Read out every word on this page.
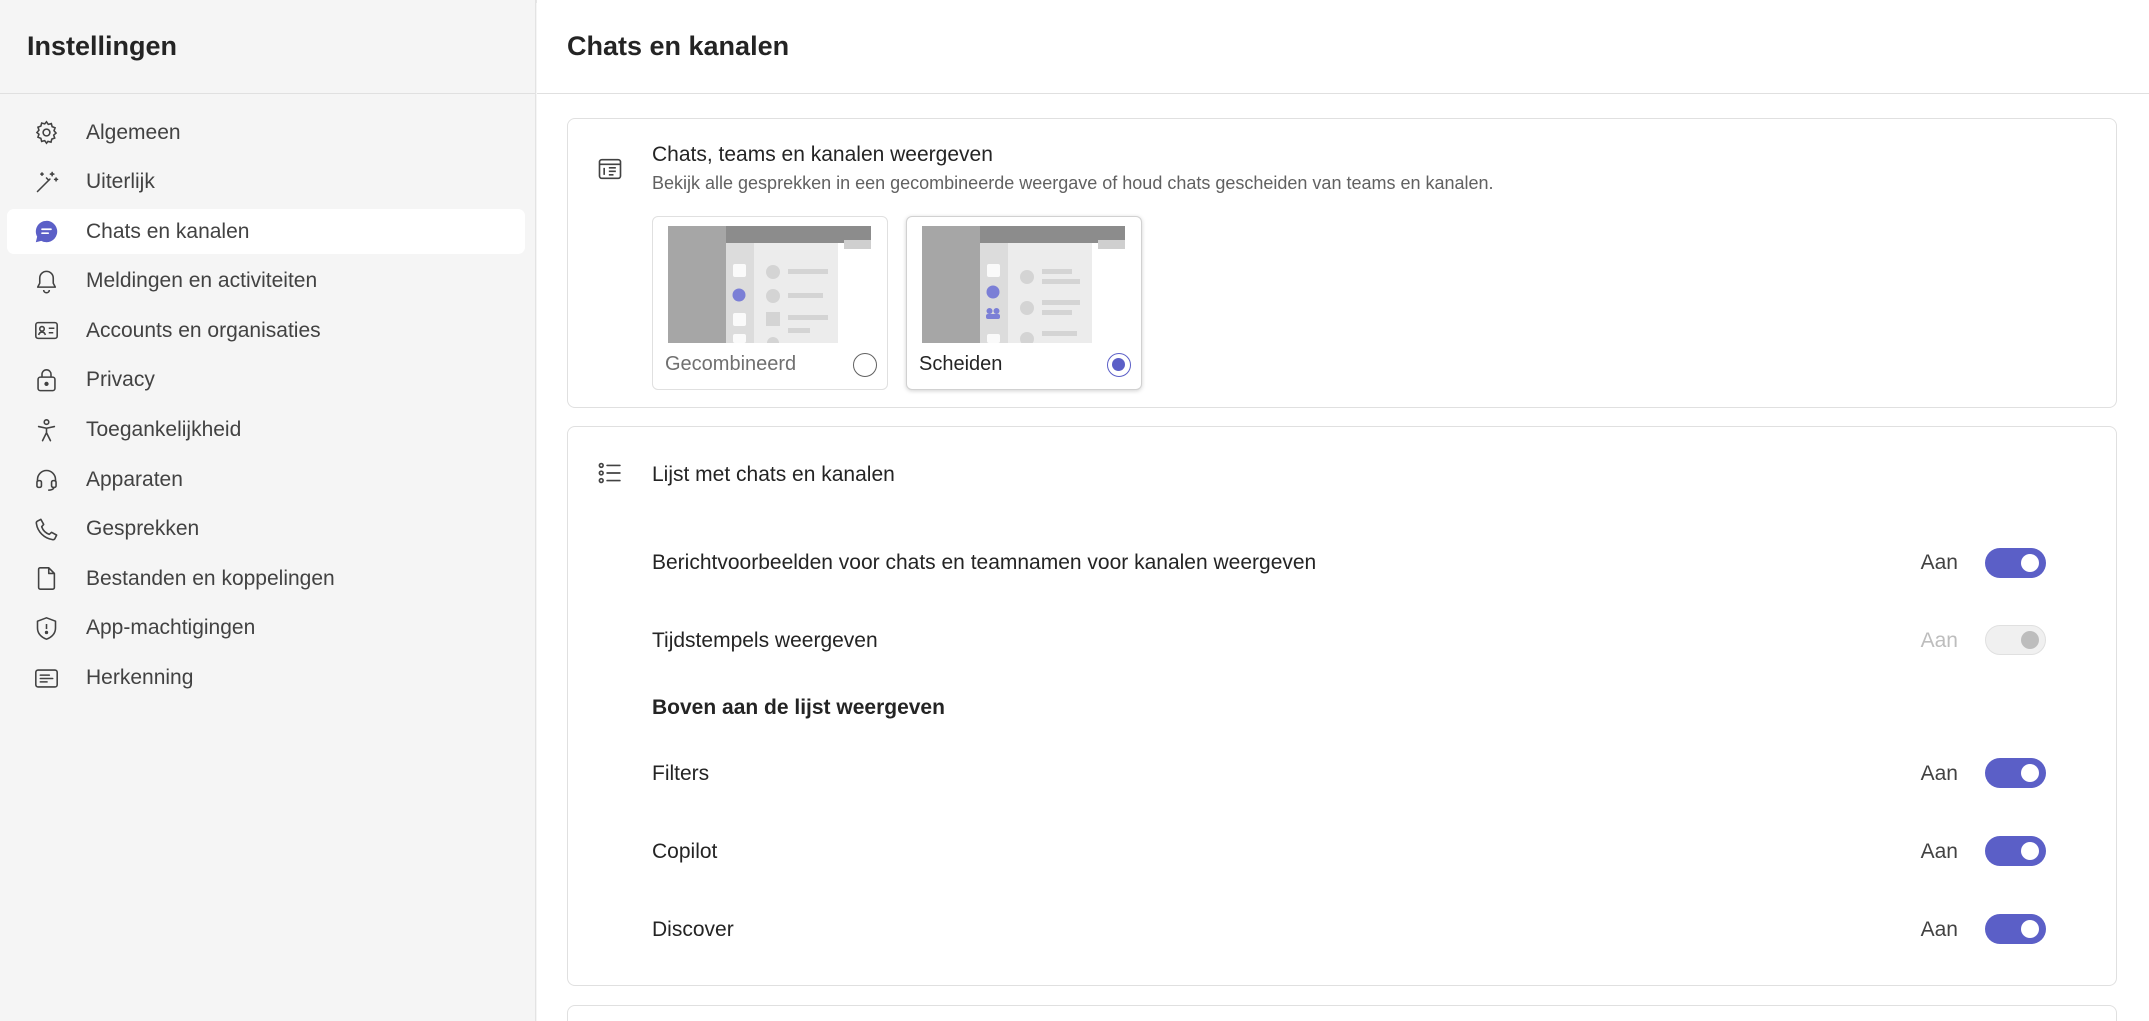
Instellingen
Algemeen
Uiterlijk
Chats en kanalen
Meldingen en activiteiten
Accounts en organisaties
Privacy
Toegankelijkheid
Apparaten
Gesprekken
Bestanden en koppelingen
App-machtigingen
Herkenning
Chats en kanalen
Chats, teams en kanalen weergeven
Bekijk alle gesprekken in een gecombineerde weergave of houd chats gescheiden van teams en kanalen.
Gecombineerd	Scheiden
Lijst met chats en kanalen
Berichtvoorbeelden voor chats en teamnamen voor kanalen weergeven	Aan
Tijdstempels weergeven	Aan
Boven aan de lijst weergeven
Filters	Aan
Copilot	Aan
Discover	Aan
